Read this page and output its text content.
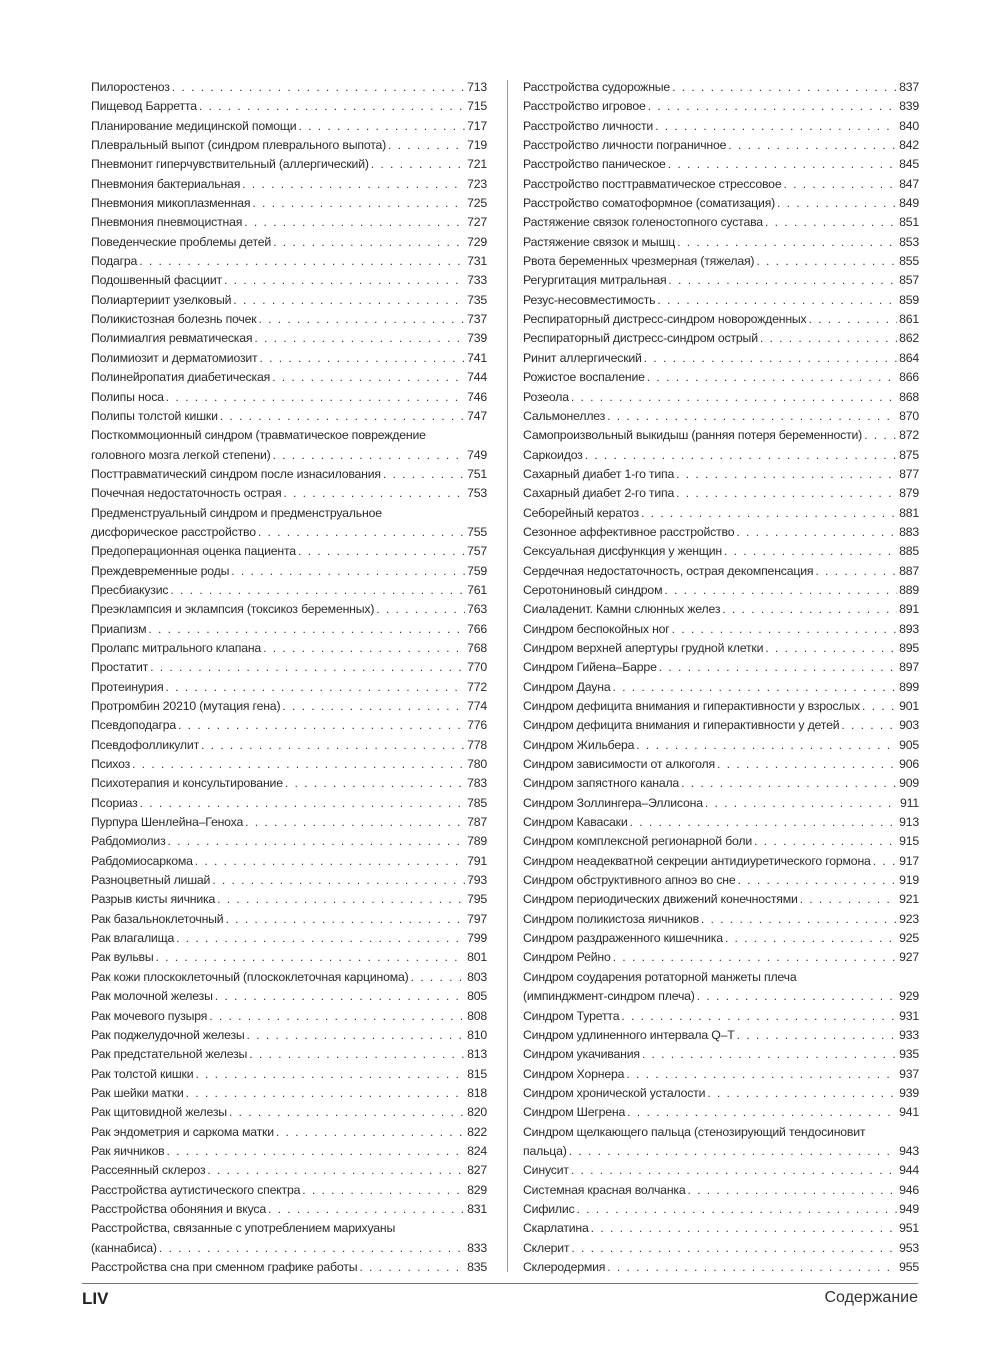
Пилоростеноз . . .	713
Пищевод Барретта . . .	715
Планирование медицинской помощи . . .	717
Плевральный выпот (синдром плеврального выпота) . . .	719
Пневмонит гиперчувствительный (аллергический) . . .	721
Пневмония бактериальная . . .	723
Пневмония микоплазменная . . .	725
Пневмония пневмоцистная . . .	727
Поведенческие проблемы детей . . .	729
Подагра . . .	731
Подошвенный фасциит . . .	733
Полиартериит узелковый . . .	735
Поликистозная болезнь почек . . .	737
Полимиалгия ревматическая . . .	739
Полимиозит и дерматомиозит . . .	741
Полинейропатия диабетическая . . .	744
Полипы носа . . .	746
Полипы толстой кишки . . .	747
Посткоммоционный синдром (травматическое повреждение
головного мозга легкой степени) . . .	749
Посттравматический синдром после изнасилования . . .	751
Почечная недостаточность острая . . .	753
Предменструальный синдром и предменструальное
дисфорическое расстройство . . .	755
Предоперационная оценка пациента . . .	757
Преждевременные роды . . .	759
Пресбиакузис . . .	761
Преэклампсия и эклампсия (токсикоз беременных) . . .	763
Приапизм . . .	766
Пролапс митрального клапана . . .	768
Простатит . . .	770
Протеинурия . . .	772
Протромбин 20210 (мутация гена) . . .	774
Псевдоподагра . . .	776
Псевдофолликулит . . .	778
Психоз . . .	780
Психотерапия и консультирование . . .	783
Псориаз . . .	785
Пурпура Шенлейна–Геноха . . .	787
Рабдомиолиз . . .	789
Рабдомиосаркома . . .	791
Разноцветный лишай . . .	793
Разрыв кисты яичника . . .	795
Рак базальноклеточный . . .	797
Рак влагалища . . .	799
Рак вульвы . . .	801
Рак кожи плоскоклеточный (плоскоклеточная карцинома) . . .	803
Рак молочной железы . . .	805
Рак мочевого пузыря . . .	808
Рак поджелудочной железы . . .	810
Рак предстательной железы . . .	813
Рак толстой кишки . . .	815
Рак шейки матки . . .	818
Рак щитовидной железы . . .	820
Рак эндометрия и саркома матки . . .	822
Рак яичников . . .	824
Рассеянный склероз . . .	827
Расстройства аутистического спектра . . .	829
Расстройства обоняния и вкуса . . .	831
Расстройства, связанные с употреблением марихуаны
(каннабиса) . . .	833
Расстройства сна при сменном графике работы . . .	835
Расстройства судорожные . . .	837
Расстройство игровое . . .	839
Расстройство личности . . .	840
Расстройство личности пограничное . . .	842
Расстройство паническое . . .	845
Расстройство посттравматическое стрессовое . . .	847
Расстройство соматоформное (соматизация) . . .	849
Растяжение связок голеностопного сустава . . .	851
Растяжение связок и мышц . . .	853
Рвота беременных чрезмерная (тяжелая) . . .	855
Регургитация митральная . . .	857
Резус-несовместимость . . .	859
Респираторный дистресс-синдром новорожденных . . .	861
Респираторный дистресс-синдром острый . . .	862
Ринит аллергический . . .	864
Рожистое воспаление . . .	866
Розеола . . .	868
Сальмонеллез . . .	870
Самопроизвольный выкидыш (ранняя потеря беременности) . . .	872
Саркоидоз . . .	875
Сахарный диабет 1-го типа . . .	877
Сахарный диабет 2-го типа . . .	879
Себорейный кератоз . . .	881
Сезонное аффективное расстройство . . .	883
Сексуальная дисфункция у женщин . . .	885
Сердечная недостаточность, острая декомпенсация . . .	887
Серотониновый синдром . . .	889
Сиаладенит. Камни слюнных желез . . .	891
Синдром беспокойных ног . . .	893
Синдром верхней апертуры грудной клетки . . .	895
Синдром Гийена–Барре . . .	897
Синдром Дауна . . .	899
Синдром дефицита внимания и гиперактивности у взрослых . . .	901
Синдром дефицита внимания и гиперактивности у детей . . .	903
Синдром Жильбера . . .	905
Синдром зависимости от алкоголя . . .	906
Синдром запястного канала . . .	909
Синдром Золлингера–Эллисона . . .	911
Синдром Кавасаки . . .	913
Синдром комплексной регионарной боли . . .	915
Синдром неадекватной секреции антидиуретического гормона . . . 917
Синдром обструктивного апноэ во сне . . .	919
Синдром периодических движений конечностями . . .	921
Синдром поликистоза яичников . . .	923
Синдром раздраженного кишечника . . .	925
Синдром Рейно . . .	927
Синдром соударения ротаторной манжеты плеча
(импинджмент-синдром плеча) . . .	929
Синдром Туретта . . .	931
Синдром удлиненного интервала Q–T . . .	933
Синдром укачивания . . .	935
Синдром Хорнера . . .	937
Синдром хронической усталости . . .	939
Синдром Шегрена . . .	941
Синдром щелкающего пальца (стенозирующий тендосиновит
пальца) . . .	943
Синусит . . .	944
Системная красная волчанка . . .	946
Сифилис . . .	949
Скарлатина . . .	951
Склерит . . .	953
Склеродермия . . .	955
LIV	Содержание
